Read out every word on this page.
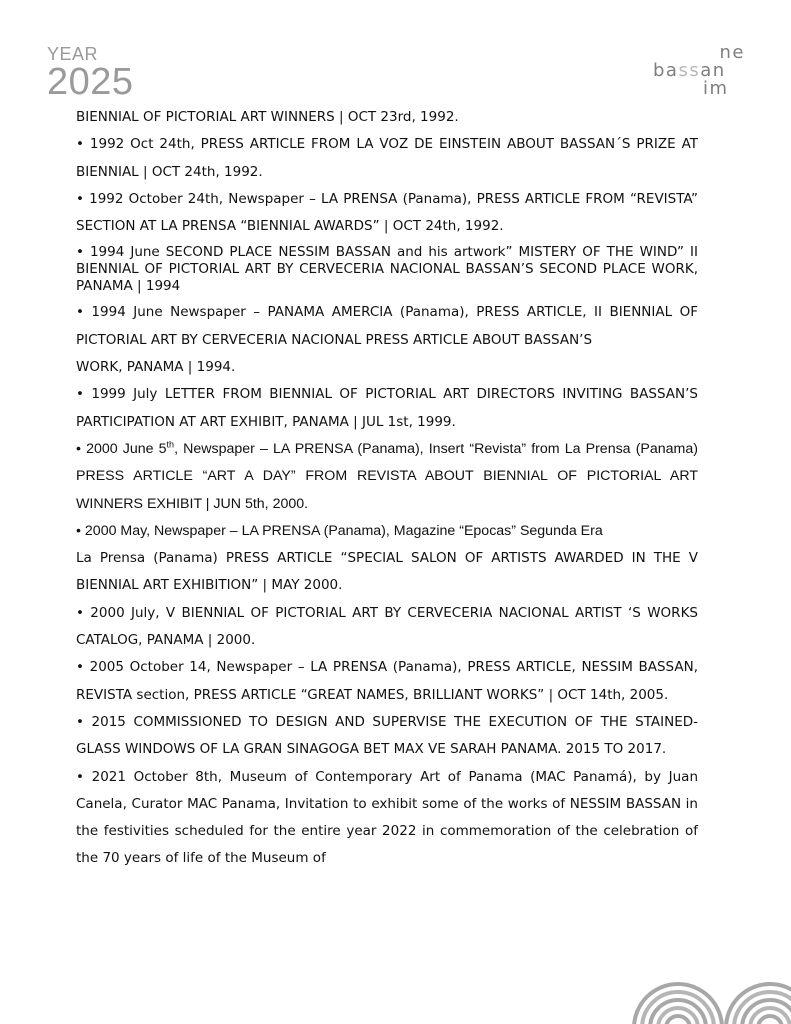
YEAR
2025
ne
bassan
im

BIENNIAL OF PICTORIAL ART WINNERS | OCT 23rd, 1992.

• 1992 Oct 24th, PRESS ARTICLE FROM LA VOZ DE EINSTEIN ABOUT BASSAN´S PRIZE AT BIENNIAL | OCT 24th, 1992.

• 1992 October 24th, Newspaper – LA PRENSA (Panama), PRESS ARTICLE FROM “REVISTA” SECTION AT LA PRENSA “BIENNIAL AWARDS” | OCT 24th, 1992.

• 1994 June SECOND PLACE NESSIM BASSAN and his artwork” MISTERY OF THE WIND” II BIENNIAL OF PICTORIAL ART BY CERVECERIA NACIONAL BASSAN’S SECOND PLACE WORK, PANAMA | 1994

• 1994 June Newspaper – PANAMA AMERCIA (Panama), PRESS ARTICLE, II BIENNIAL OF PICTORIAL ART BY CERVECERIA NACIONAL PRESS ARTICLE ABOUT BASSAN’S

WORK, PANAMA | 1994.

• 1999 July LETTER FROM BIENNIAL OF PICTORIAL ART DIRECTORS INVITING BASSAN’S PARTICIPATION AT ART EXHIBIT, PANAMA | JUL 1st, 1999.

• 2000 June 5th, Newspaper – LA PRENSA (Panama), Insert “Revista” from La Prensa (Panama) PRESS ARTICLE “ART A DAY” FROM REVISTA ABOUT BIENNIAL OF PICTORIAL ART WINNERS EXHIBIT | JUN 5th, 2000.

• 2000 May, Newspaper – LA PRENSA (Panama), Magazine “Epocas” Segunda Era

La Prensa (Panama) PRESS ARTICLE “SPECIAL SALON OF ARTISTS AWARDED IN THE V BIENNIAL ART EXHIBITION” | MAY 2000.

• 2000 July, V BIENNIAL OF PICTORIAL ART BY CERVECERIA NACIONAL ARTIST ‘S WORKS CATALOG, PANAMA | 2000.

• 2005 October 14, Newspaper – LA PRENSA (Panama), PRESS ARTICLE, NESSIM BASSAN, REVISTA section, PRESS ARTICLE “GREAT NAMES, BRILLIANT WORKS” | OCT 14th, 2005.

• 2015 COMMISSIONED TO DESIGN AND SUPERVISE THE EXECUTION OF THE STAINED-GLASS WINDOWS OF LA GRAN SINAGOGA BET MAX VE SARAH PANAMA. 2015 TO 2017.

• 2021 October 8th, Museum of Contemporary Art of Panama (MAC Panamá), by Juan Canela, Curator MAC Panama, Invitation to exhibit some of the works of NESSIM BASSAN in the festivities scheduled for the entire year 2022 in commemoration of the celebration of the 70 years of life of the Museum of
